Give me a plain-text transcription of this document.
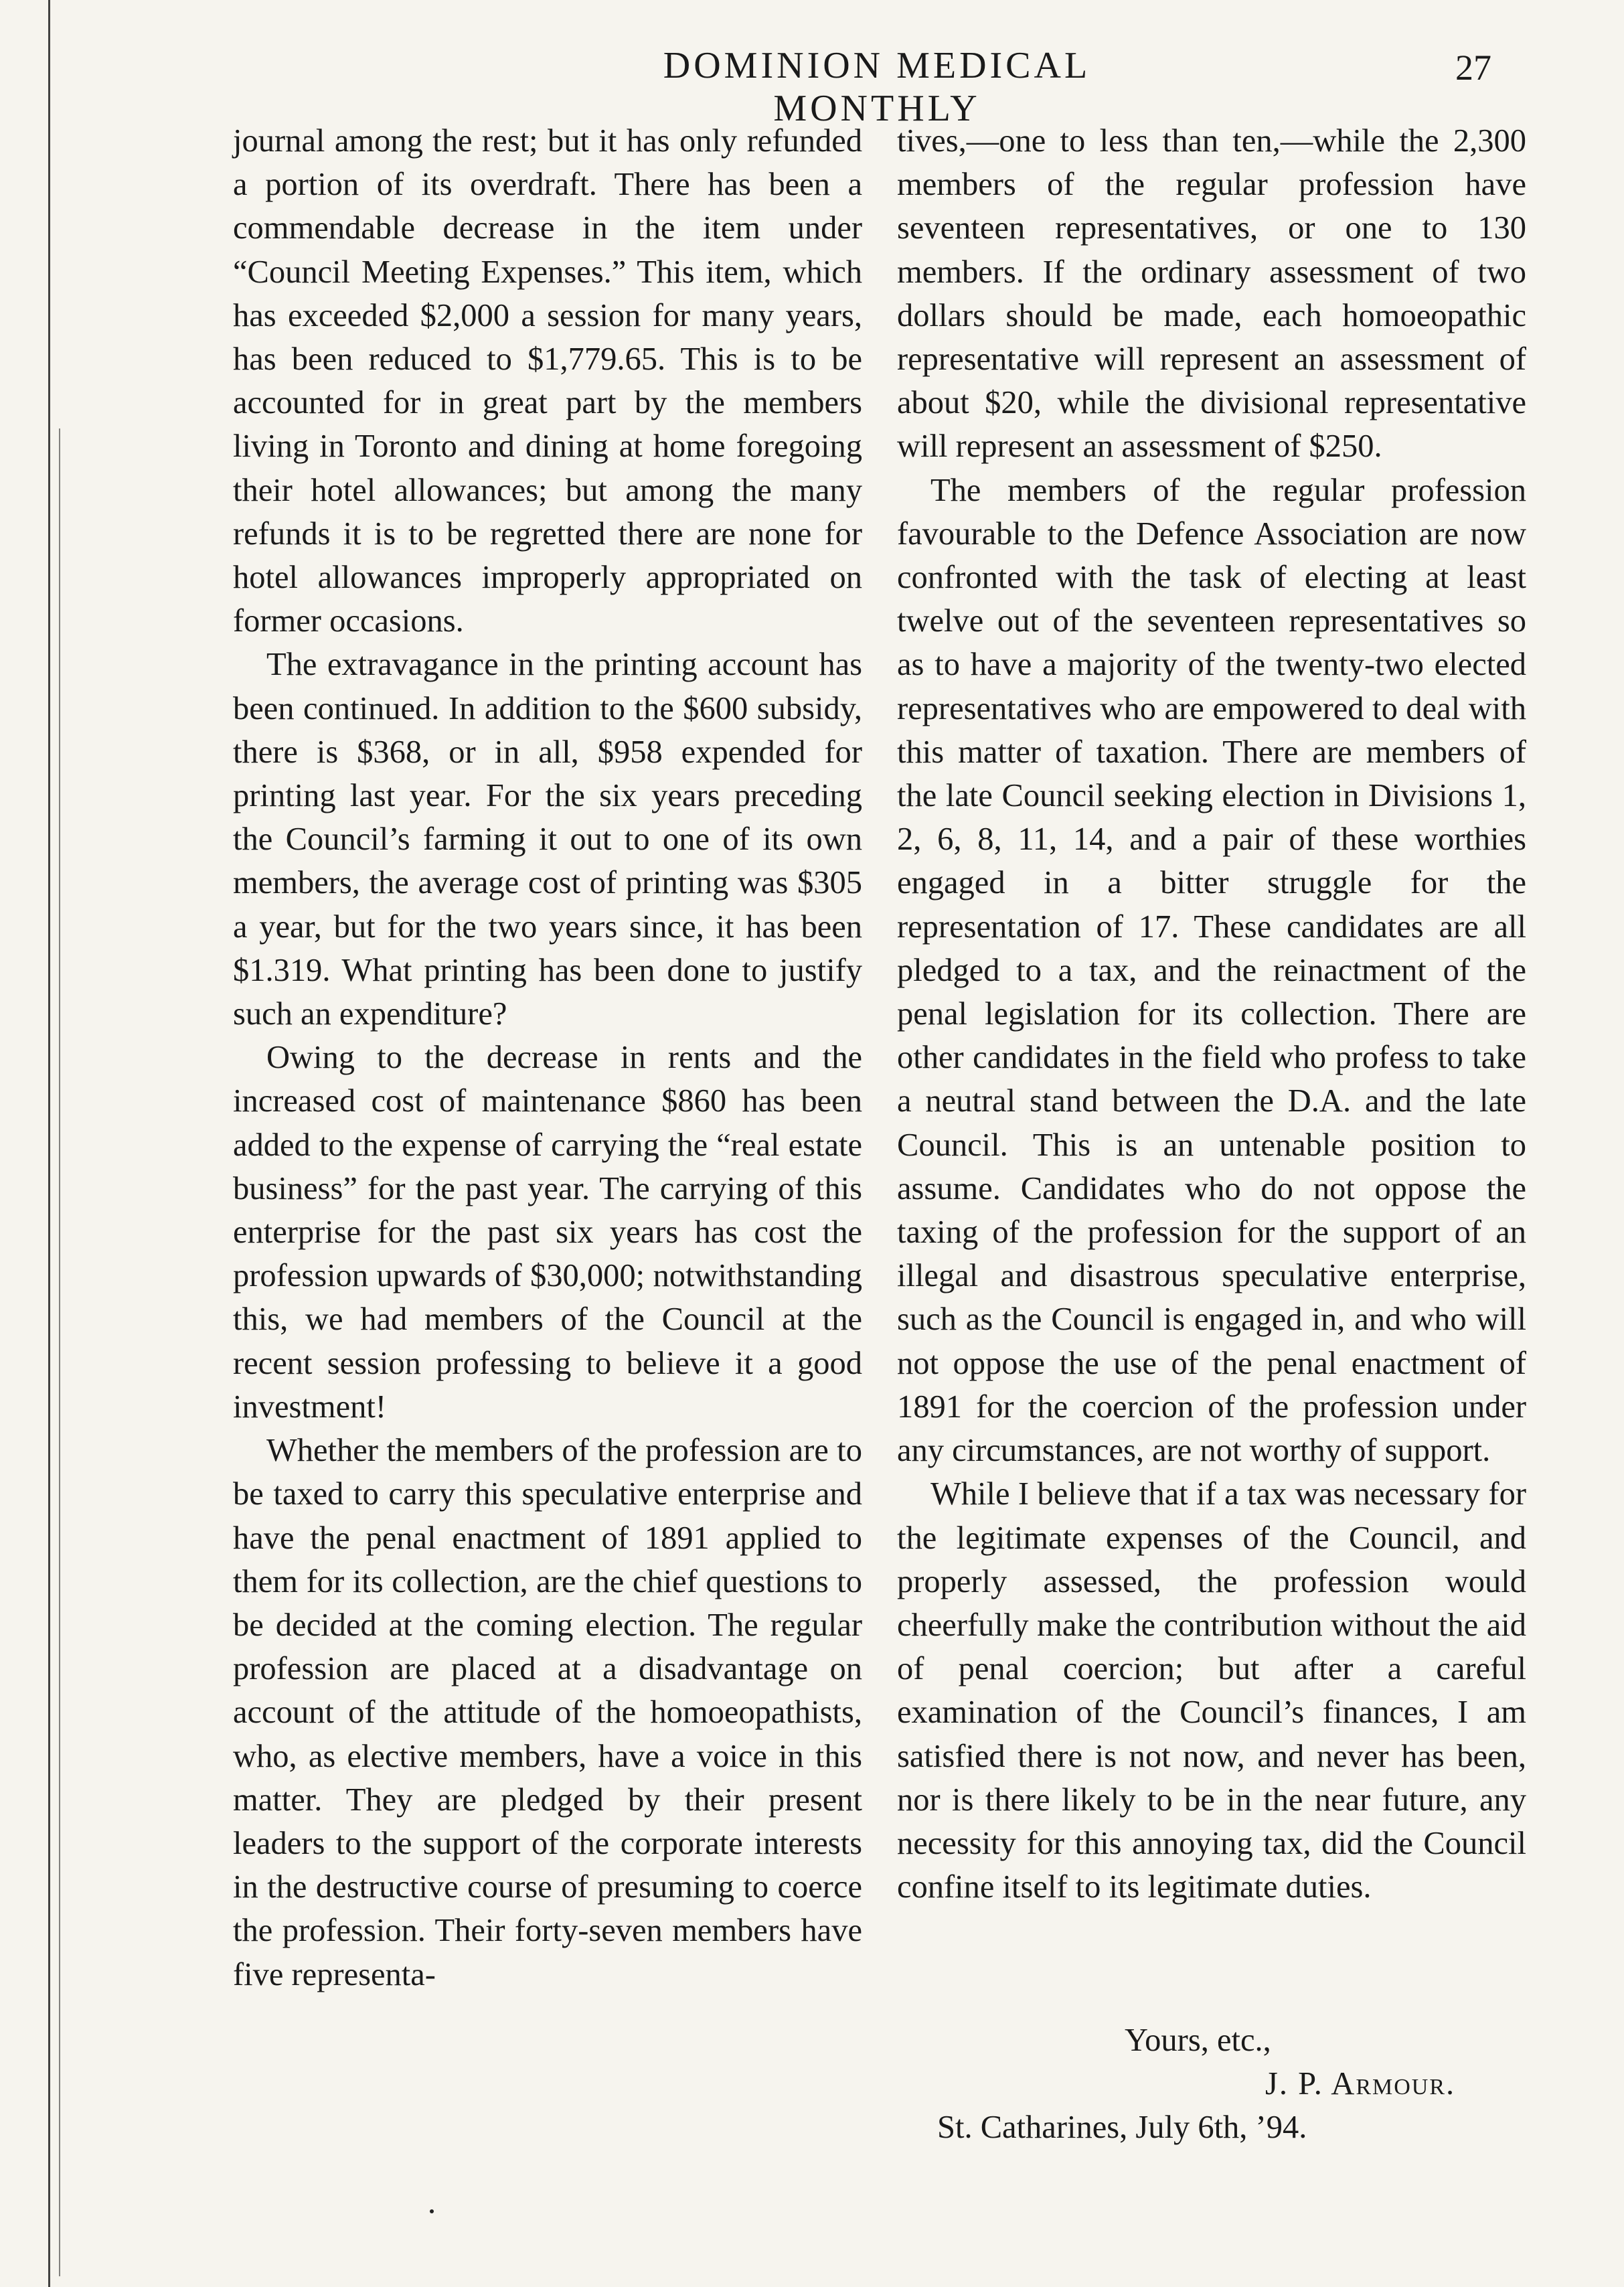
DOMINION MEDICAL MONTHLY
27

journal among the rest; but it has only refunded a portion of its overdraft. There has been a commendable decrease in the item under “Council Meeting Expenses.” This item, which has exceeded $2,000 a session for many years, has been reduced to $1,779.65. This is to be accounted for in great part by the members living in Toronto and dining at home foregoing their hotel allowances; but among the many refunds it is to be regretted there are none for hotel allowances improperly appropriated on former occasions.

The extravagance in the printing account has been continued. In addition to the $600 subsidy, there is $368, or in all, $958 expended for printing last year. For the six years preceding the Council’s farming it out to one of its own members, the average cost of printing was $305 a year, but for the two years since, it has been $1.319. What printing has been done to justify such an expenditure?

Owing to the decrease in rents and the increased cost of maintenance $860 has been added to the expense of carrying the “real estate business” for the past year. The carrying of this enterprise for the past six years has cost the profession upwards of $30,000; notwithstanding this, we had members of the Council at the recent session professing to believe it a good investment!

Whether the members of the profession are to be taxed to carry this speculative enterprise and have the penal enactment of 1891 applied to them for its collection, are the chief questions to be decided at the coming election. The regular profession are placed at a disadvantage on account of the attitude of the homoeopathists, who, as elective members, have a voice in this matter. They are pledged by their present leaders to the support of the corporate interests in the destructive course of presuming to coerce the profession. Their forty-seven members have five representa-

tives,—one to less than ten,—while the 2,300 members of the regular profession have seventeen representatives, or one to 130 members. If the ordinary assessment of two dollars should be made, each homoeopathic representative will represent an assessment of about $20, while the divisional representative will represent an assessment of $250.

The members of the regular profession favourable to the Defence Association are now confronted with the task of electing at least twelve out of the seventeen representatives so as to have a majority of the twenty-two elected representatives who are empowered to deal with this matter of taxation. There are members of the late Council seeking election in Divisions 1, 2, 6, 8, 11, 14, and a pair of these worthies engaged in a bitter struggle for the representation of 17. These candidates are all pledged to a tax, and the reinactment of the penal legislation for its collection. There are other candidates in the field who profess to take a neutral stand between the D.A. and the late Council. This is an untenable position to assume. Candidates who do not oppose the taxing of the profession for the support of an illegal and disastrous speculative enterprise, such as the Council is engaged in, and who will not oppose the use of the penal enactment of 1891 for the coercion of the profession under any circumstances, are not worthy of support.

While I believe that if a tax was necessary for the legitimate expenses of the Council, and properly assessed, the profession would cheerfully make the contribution without the aid of penal coercion; but after a careful examination of the Council’s finances, I am satisfied there is not now, and never has been, nor is there likely to be in the near future, any necessity for this annoying tax, did the Council confine itself to its legitimate duties.

Yours, etc.,
J. P. Armour.
St. Catharines, July 6th, ’94.
